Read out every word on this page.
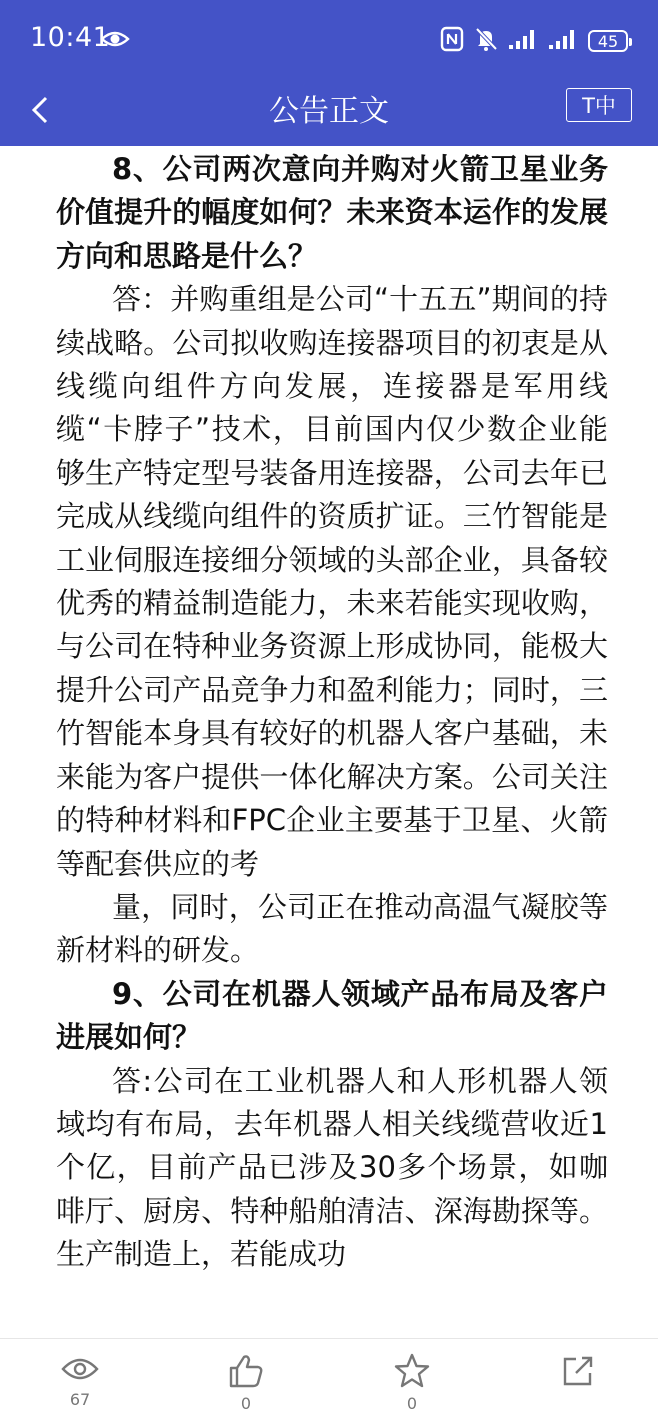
10:41	45
公告正文	T中

8、公司两次意向并购对火箭卫星业务价值提升的幅度如何？未来资本运作的发展方向和思路是什么？

答：并购重组是公司“十五五”期间的持续战略。公司拟收购连接器项目的初衷是从线缆向组件方向发展，连接器是军用线缆“卡脖子”技术，目前国内仅少数企业能够生产特定型号装备用连接器，公司去年已完成从线缆向组件的资质扩证。三竹智能是工业伺服连接细分领域的头部企业，具备较优秀的精益制造能力，未来若能实现收购，与公司在特种业务资源上形成协同，能极大提升公司产品竞争力和盈利能力；同时，三竹智能本身具有较好的机器人客户基础，未来能为客户提供一体化解决方案。公司关注的特种材料和FPC企业主要基于卫星、火箭等配套供应的考

量，同时，公司正在推动高温气凝胶等新材料的研发。

9、公司在机器人领域产品布局及客户进展如何？

答:公司在工业机器人和人形机器人领域均有布局，去年机器人相关线缆营收近1个亿，目前产品已涉及30多个场景，如咖啡厅、厨房、特种船舶清洁、深海勘探等。生产制造上，若能成功

67	0	0
